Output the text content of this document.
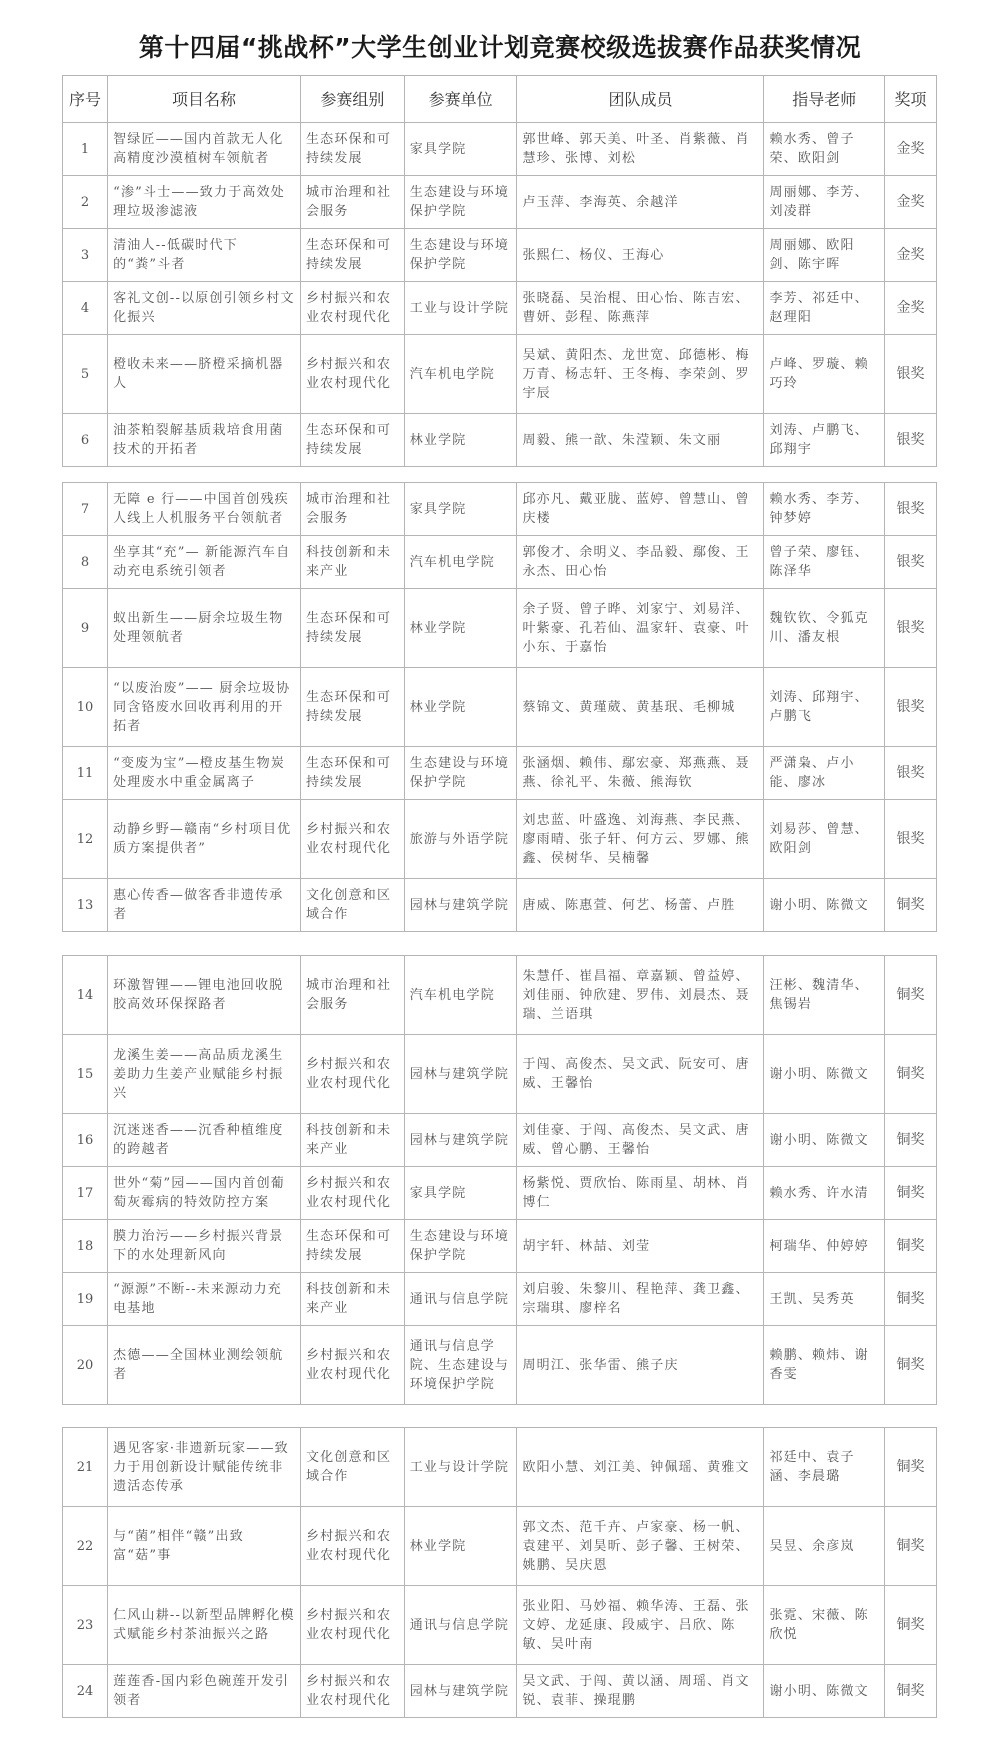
第十四届“挑战杯”大学生创业计划竞赛校级选拔赛作品获奖情况
序号	项目名称	参赛组别	参赛单位	团队成员	指导老师	奖项
1	智绿匠——国内首款无人化高精度沙漠植树车领航者	生态环保和可持续发展	家具学院	郭世峰、郭天美、叶圣、肖紫薇、肖慧珍、张博、刘松	赖水秀、曾子荣、欧阳剑	金奖
2	“渗”斗士——致力于高效处理垃圾渗滤液	城市治理和社会服务	生态建设与环境保护学院	卢玉萍、李海英、余越洋	周丽娜、李芳、刘凌群	金奖
3	清油人--低碳时代下的“粪”斗者	生态环保和可持续发展	生态建设与环境保护学院	张熙仁、杨仪、王海心	周丽娜、欧阳剑、陈宇晖	金奖
4	客礼文创--以原创引领乡村文化振兴	乡村振兴和农业农村现代化	工业与设计学院	张晓磊、吴治棍、田心怡、陈吉宏、曹妍、彭程、陈燕萍	李芳、祁廷中、赵理阳	金奖
5	橙收未来——脐橙采摘机器人	乡村振兴和农业农村现代化	汽车机电学院	吴斌、黄阳杰、龙世宽、邱德彬、梅万青、杨志轩、王冬梅、李荣剑、罗宇辰	卢峰、罗璇、赖巧玲	银奖
6	油茶粕裂解基质栽培食用菌技术的开拓者	生态环保和可持续发展	林业学院	周毅、熊一歆、朱滢颖、朱文丽	刘涛、卢鹏飞、邱翔宇	银奖
7	无障 e 行——中国首创残疾人线上人机服务平台领航者	城市治理和社会服务	家具学院	邱亦凡、戴亚胧、蓝婷、曾慧山、曾庆楼	赖水秀、李芳、钟梦婷	银奖
8	坐享其“充”— 新能源汽车自动充电系统引领者	科技创新和未来产业	汽车机电学院	郭俊才、余明义、李品毅、鄢俊、王永杰、田心怡	曾子荣、廖钰、陈泽华	银奖
9	蚁出新生——厨余垃圾生物处理领航者	生态环保和可持续发展	林业学院	余子贤、曾子晔、刘家宁、刘易洋、叶紫豪、孔若仙、温家轩、袁豪、叶小东、于嘉怡	魏钦钦、令狐克川、潘友根	银奖
10	“以废治废”—— 厨余垃圾协同含铬废水回收再利用的开拓者	生态环保和可持续发展	林业学院	蔡锦文、黄瑾葳、黄基珉、毛柳城	刘涛、邱翔宇、卢鹏飞	银奖
11	“变废为宝”—橙皮基生物炭处理废水中重金属离子	生态环保和可持续发展	生态建设与环境保护学院	张涵烟、赖伟、鄢宏豪、郑燕燕、聂燕、徐礼平、朱薇、熊海钦	严潇枭、卢小能、廖冰	银奖
12	动静乡野—赣南“乡村项目优质方案提供者”	乡村振兴和农业农村现代化	旅游与外语学院	刘忠蓝、叶盛逸、刘海燕、李民燕、廖雨晴、张子轩、何方云、罗娜、熊鑫、侯树华、吴楠馨	刘易莎、曾慧、欧阳剑	银奖
13	惠心传香—做客香非遗传承者	文化创意和区域合作	园林与建筑学院	唐威、陈惠萱、何艺、杨蕾、卢胜	谢小明、陈微文	铜奖
14	环激智锂——锂电池回收脱胶高效环保探路者	城市治理和社会服务	汽车机电学院	朱慧仟、崔昌福、章嘉颖、曾益婷、刘佳丽、钟欣建、罗伟、刘晨杰、聂瑞、兰语琪	汪彬、魏清华、焦锡岩	铜奖
15	龙溪生姜——高品质龙溪生姜助力生姜产业赋能乡村振兴	乡村振兴和农业农村现代化	园林与建筑学院	于闯、高俊杰、吴文武、阮安可、唐威、王馨怡	谢小明、陈微文	铜奖
16	沉迷迷香——沉香种植维度的跨越者	科技创新和未来产业	园林与建筑学院	刘佳豪、于闯、高俊杰、吴文武、唐威、曾心鹏、王馨怡	谢小明、陈微文	铜奖
17	世外“菊”园——国内首创葡萄灰霉病的特效防控方案	乡村振兴和农业农村现代化	家具学院	杨紫悦、贾欣怡、陈雨星、胡林、肖博仁	赖水秀、许水清	铜奖
18	膜力治污——乡村振兴背景下的水处理新风向	生态环保和可持续发展	生态建设与环境保护学院	胡宇轩、林喆、刘莹	柯瑞华、仲婷婷	铜奖
19	“源源”不断--未来源动力充电基地	科技创新和未来产业	通讯与信息学院	刘启骏、朱黎川、程艳萍、龚卫鑫、宗瑞琪、廖梓名	王凯、吴秀英	铜奖
20	杰德——全国林业测绘领航者	乡村振兴和农业农村现代化	通讯与信息学院、生态建设与环境保护学院	周明江、张华雷、熊子庆	赖鹏、赖炜、谢香雯	铜奖
21	遇见客家·非遗新玩家——致力于用创新设计赋能传统非遗活态传承	文化创意和区域合作	工业与设计学院	欧阳小慧、刘江美、钟佩瑶、黄雅文	祁廷中、袁子涵、李晨璐	铜奖
22	与“菌”相伴“赣”出致富“菇”事	乡村振兴和农业农村现代化	林业学院	郭文杰、范千卉、卢家豪、杨一帆、袁建平、刘昊昕、彭子馨、王树荣、姚鹏、吴庆恩	吴昱、余彦岚	铜奖
23	仁风山耕--以新型品牌孵化模式赋能乡村茶油振兴之路	乡村振兴和农业农村现代化	通讯与信息学院	张业阳、马妙福、赖华涛、王磊、张文婷、龙延康、段威宇、吕欣、陈敏、吴叶南	张霓、宋薇、陈欣悦	铜奖
24	莲莲香-国内彩色碗莲开发引领者	乡村振兴和农业农村现代化	园林与建筑学院	吴文武、于闯、黄以涵、周瑶、肖文锐、袁菲、操琨鹏	谢小明、陈微文	铜奖
